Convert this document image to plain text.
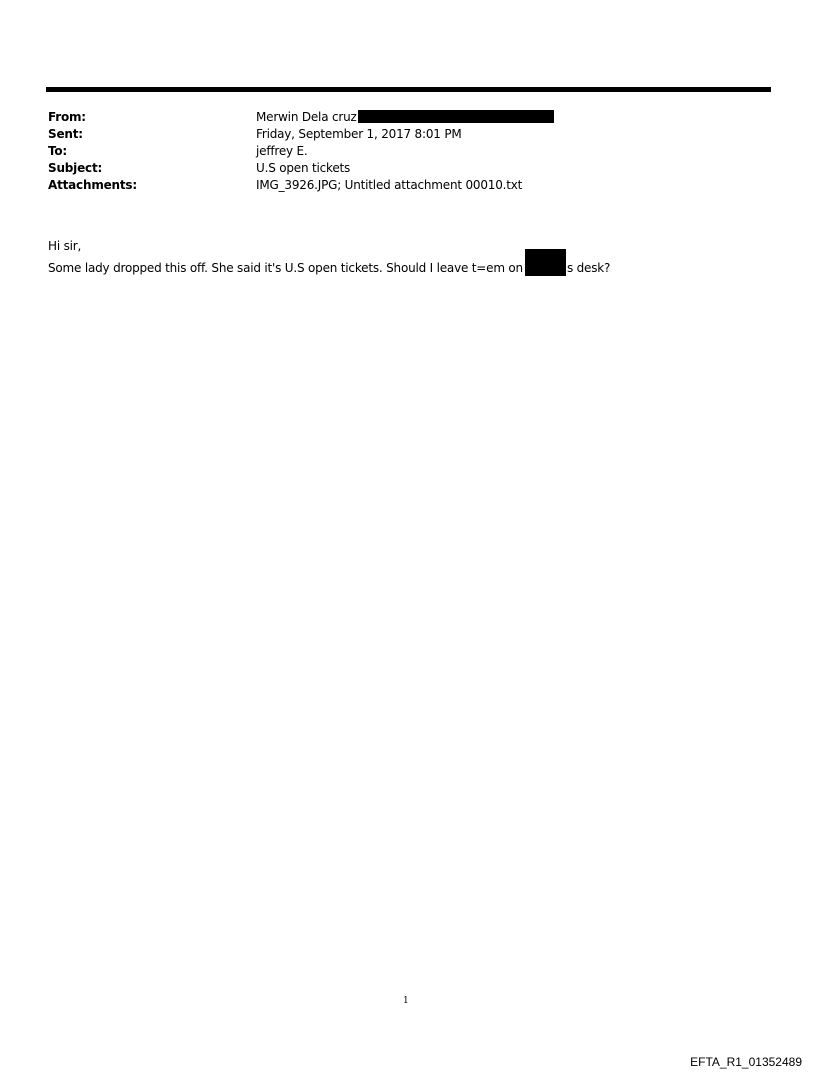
From:	Merwin Dela cruz
Sent:	Friday, September 1, 2017 8:01 PM
To:	jeffrey E.
Subject:	U.S open tickets
Attachments:	IMG_3926.JPG; Untitled attachment 00010.txt
Hi sir,
Some lady dropped this off. She said it's U.S open tickets. Should I leave t=em on	s desk?
1
EFTA_R1_01352489
